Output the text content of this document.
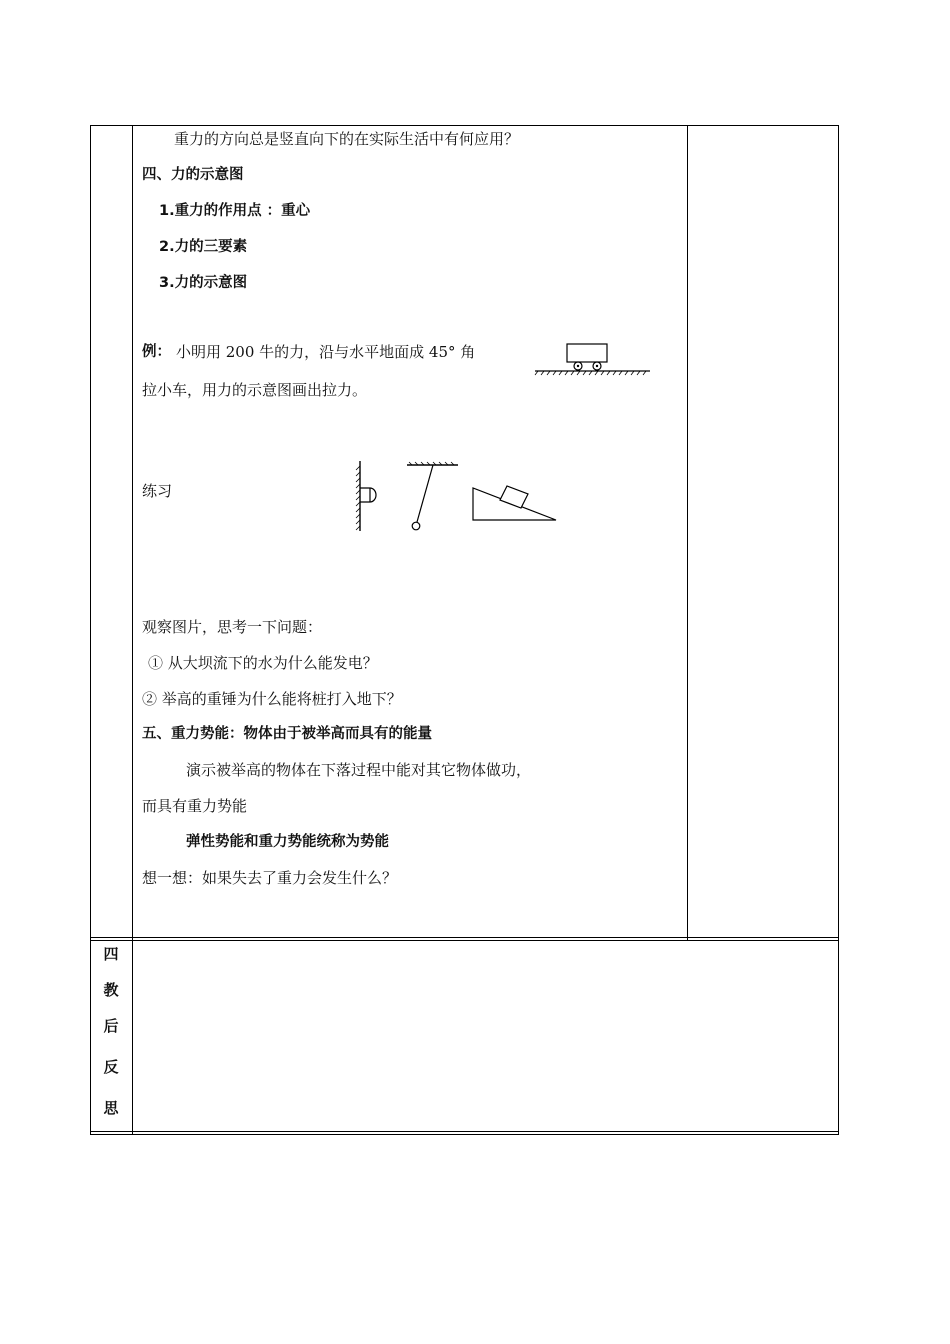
重力的方向总是竖直向下的在实际生活中有何应用？
四、力的示意图
1.重力的作用点 ：重心
2.力的三要素
3.力的示意图
例： 小明用 200 牛的力，沿与水平地面成 45° 角
拉小车，用力的示意图画出拉力。
练习
观察图片，思考一下问题：
① 从大坝流下的水为什么能发电？
② 举高的重锤为什么能将桩打入地下？
五、重力势能：物体由于被举高而具有的能量
演示被举高的物体在下落过程中能对其它物体做功，
而具有重力势能
弹性势能和重力势能统称为势能
想一想：如果失去了重力会发生什么？
四
教
后
反
思
